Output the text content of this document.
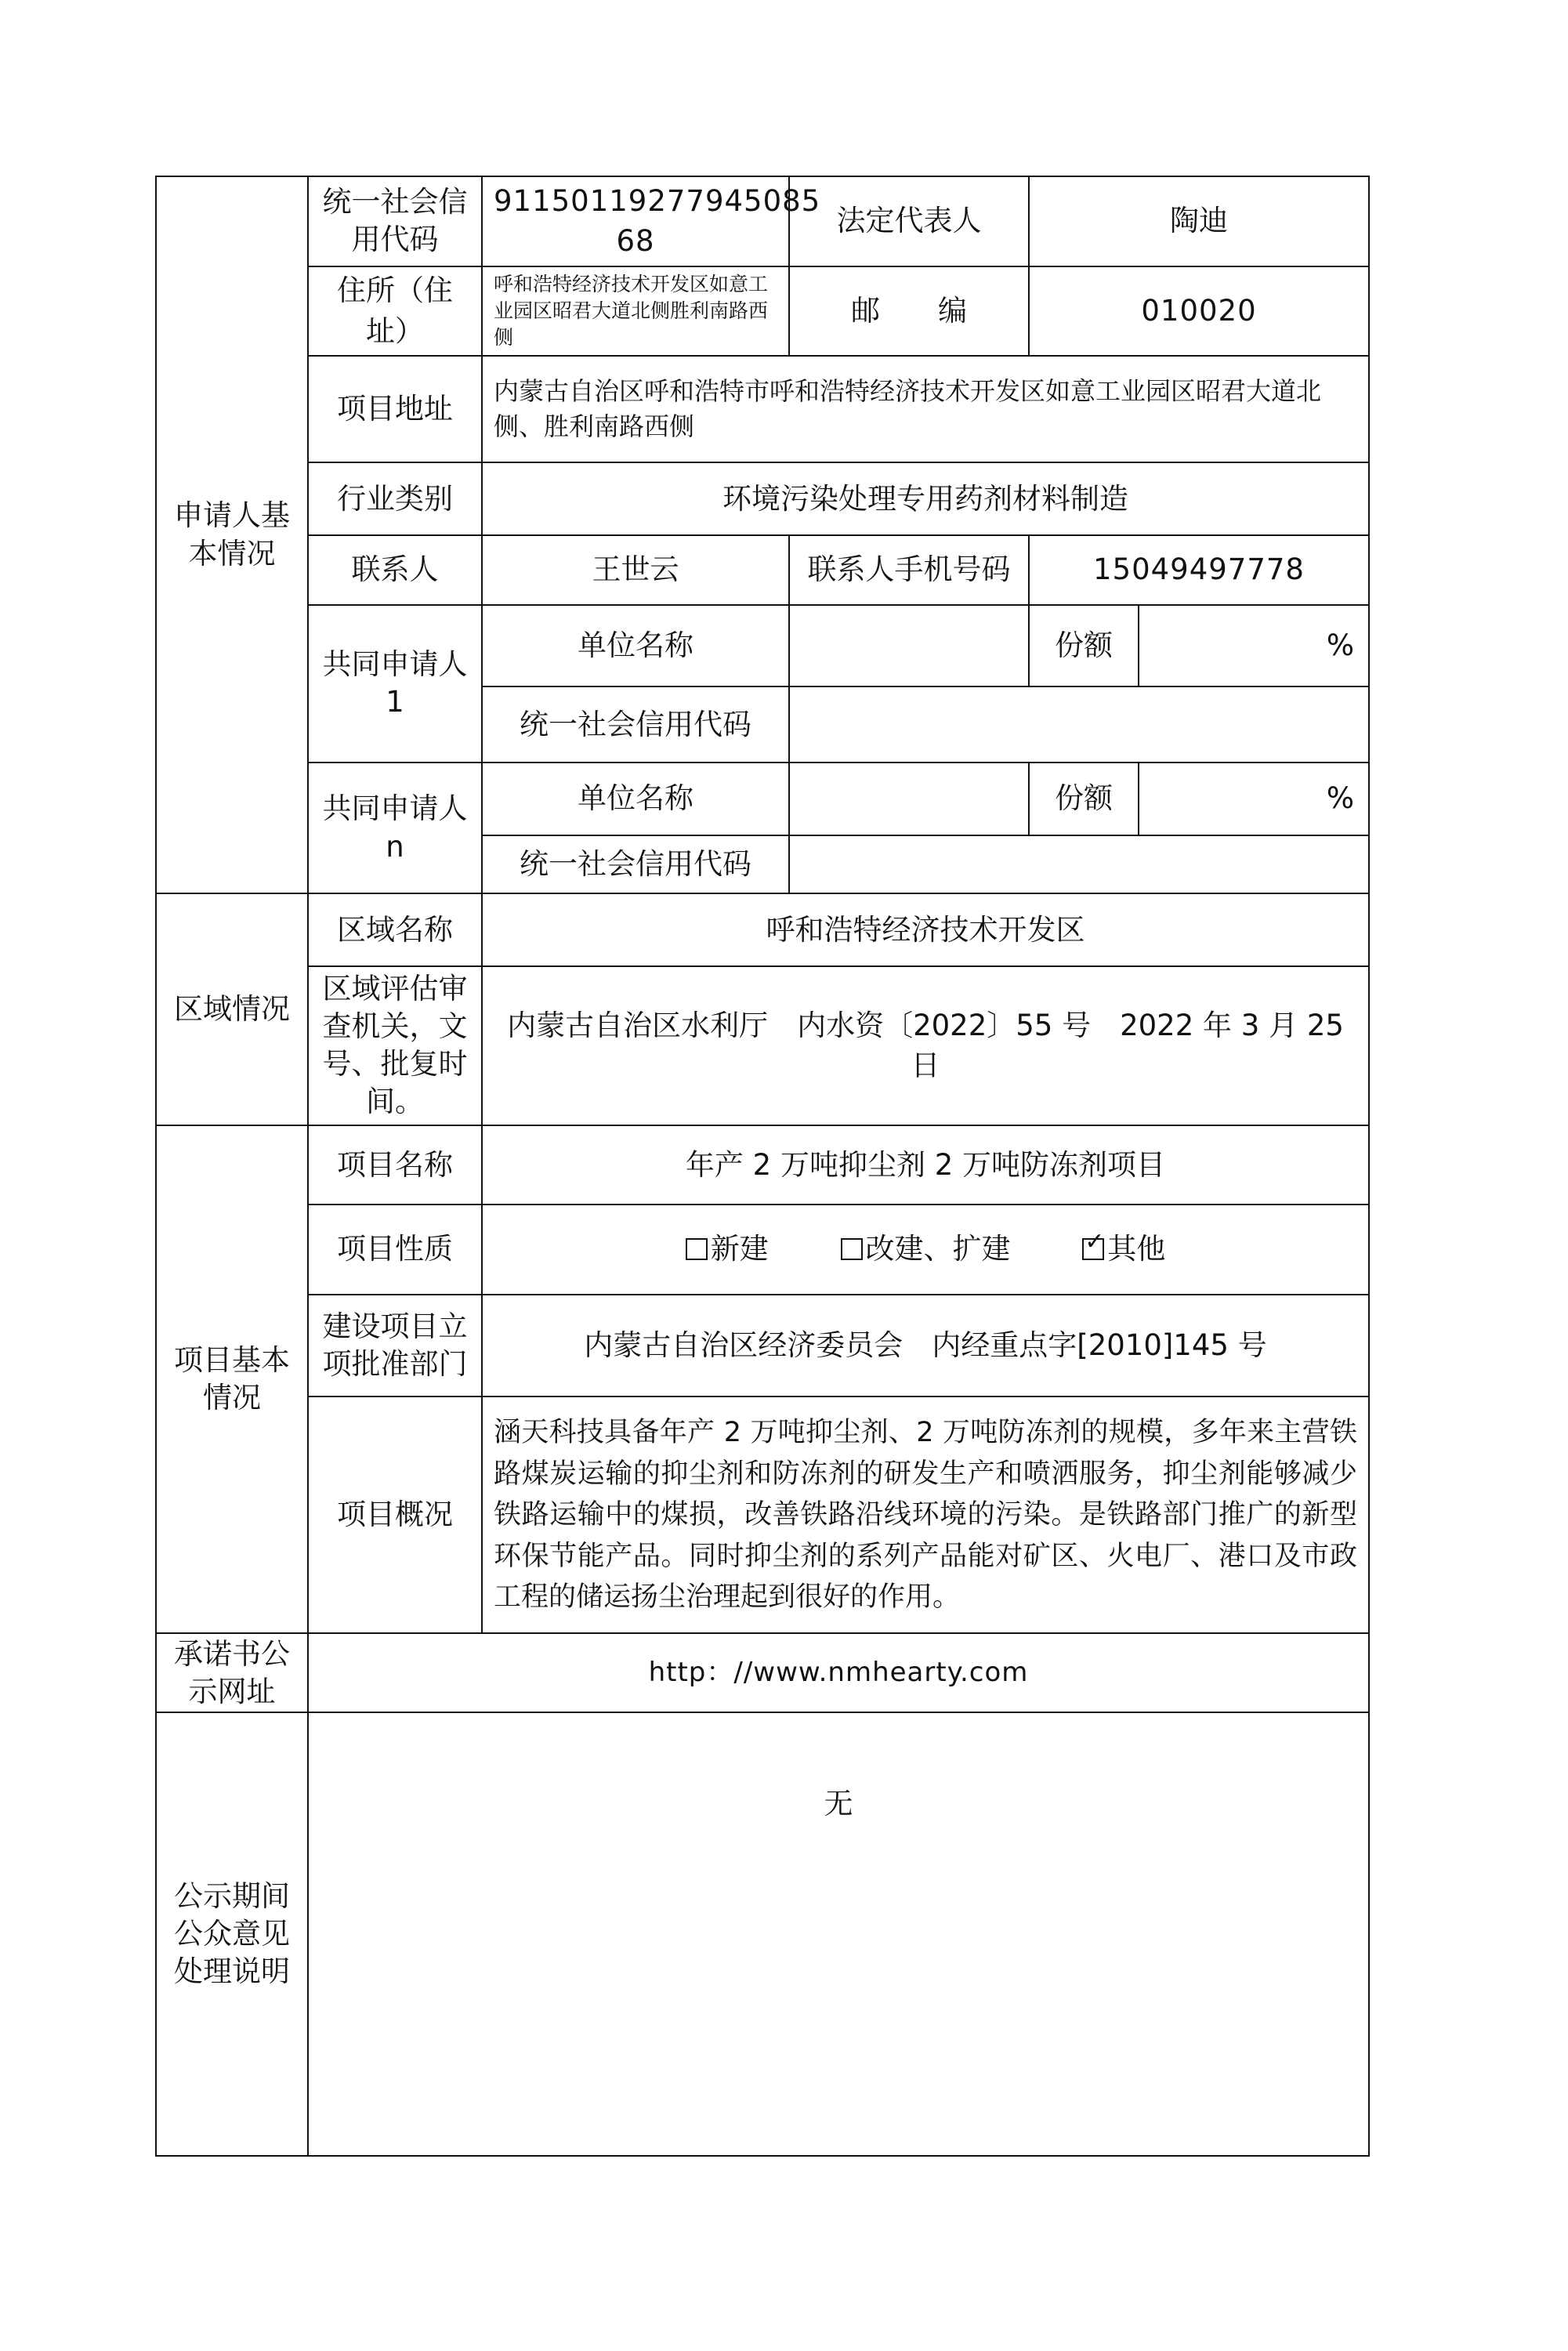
申请人基本情况	统一社会信用代码	91150119277945085​68	法定代表人	陶迪	
	住所（住址）	呼和浩特经济技术开发区如意工业园区昭君大道北侧胜利南路西侧	邮　　编	010020	
	项目地址	内蒙古自治区呼和浩特市呼和浩特经济技术开发区如意工业园区昭君大道北侧、胜利南路西侧			
	行业类别	环境污染处理专用药剂材料制造			
	联系人	王世云	联系人手机号码	15049497778	
	共同申请人1	单位名称		份额	%
		统一社会信用代码			
	共同申请人n	单位名称		份额	%
		统一社会信用代码			
区域情况	区域名称	呼和浩特经济技术开发区			
	区域评估审查机关，文号、批复时间。	内蒙古自治区水利厅　内水资〔2022〕55 号　2022 年 3 月 25 日			
项目基本情况	项目名称	年产 2 万吨抑尘剂 2 万吨防冻剂项目			
	项目性质	新建 改建、扩建 ✓ 其他
	建设项目立项批准部门	内蒙古自治区经济委员会　内经重点字[2010]145 号			
	项目概况	涵天科技具备年产 2 万吨抑尘剂、2 万吨防冻剂的规模，多年来主营铁路煤炭运输的抑尘剂和防冻剂的研发生产和喷洒服务，抑尘剂能够减少铁路运输中的煤损，改善铁路沿线环境的污染。是铁路部门推广的新型环保节能产品。同时抑尘剂的系列产品能对矿区、火电厂、港口及市政工程的储运扬尘治理起到很好的作用。			
承诺书公示网址	http：//www.nmhearty.com				
公示期间公众意见处理说明	无				
